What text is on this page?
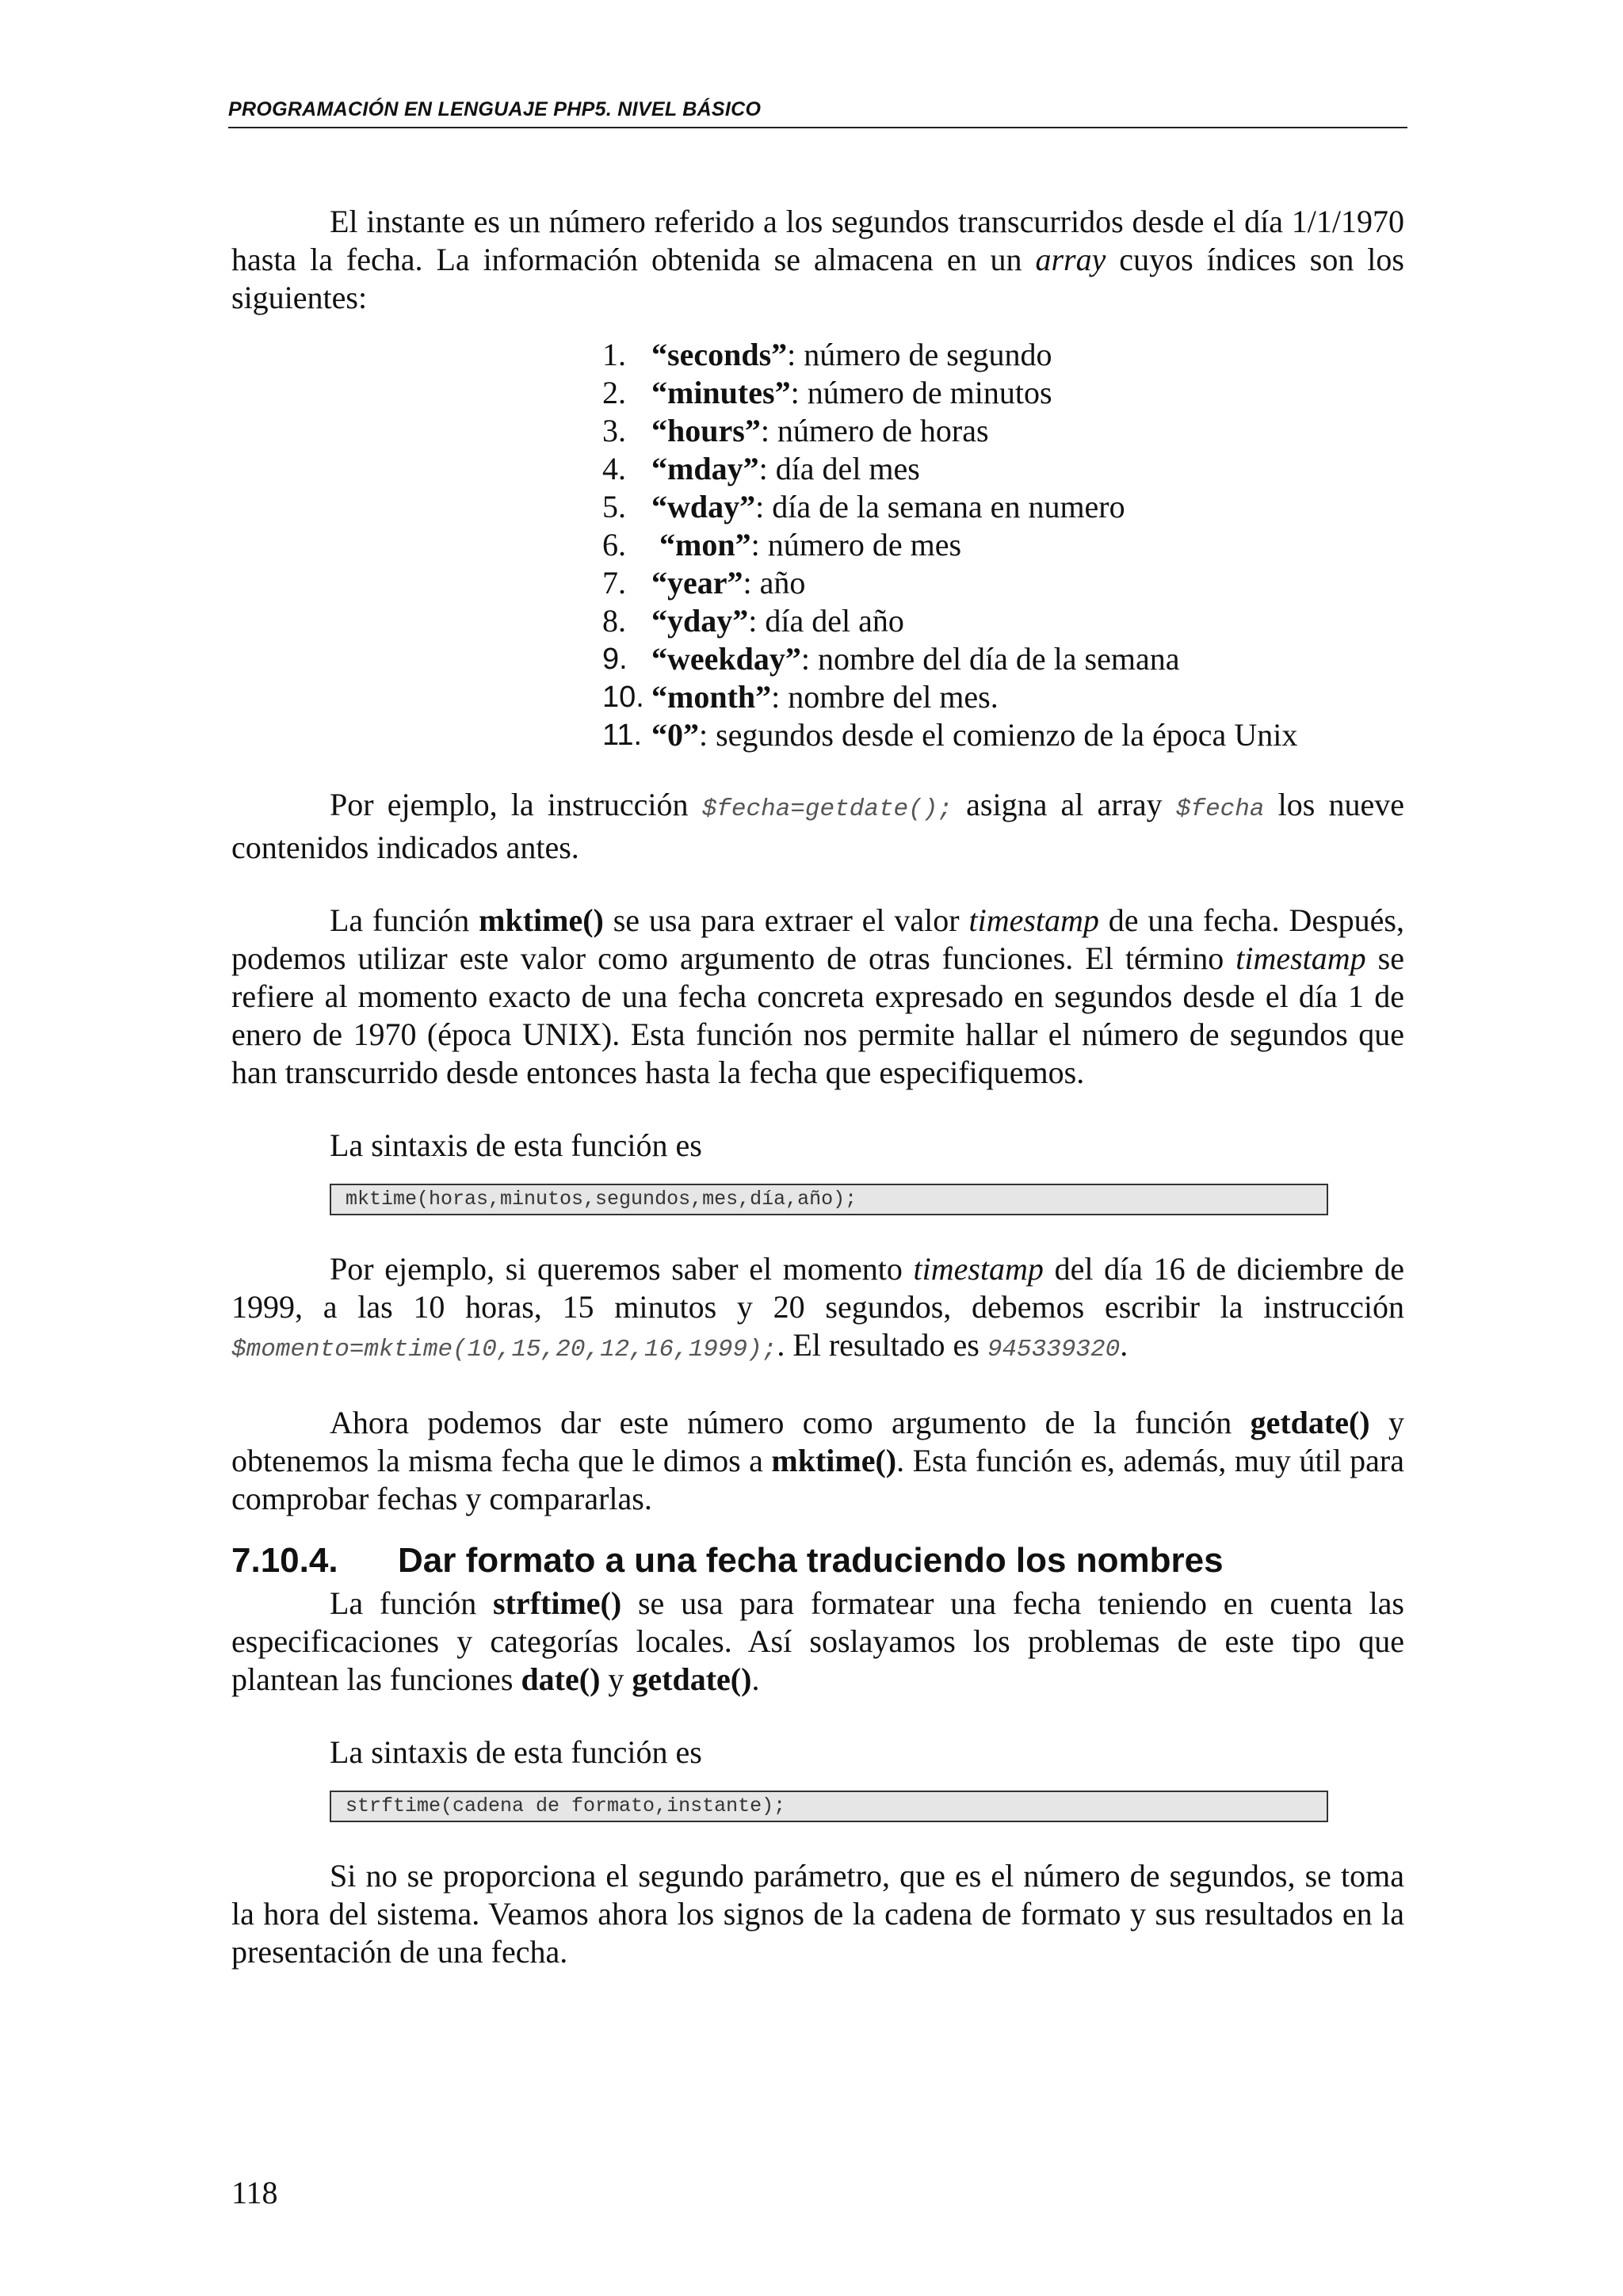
PROGRAMACIÓN EN LENGUAJE PHP5. NIVEL BÁSICO

El instante es un número referido a los segundos transcurridos desde el día 1/1/1970 hasta la fecha. La información obtenida se almacena en un array cuyos índices son los siguientes:

1. “seconds”: número de segundo
2. “minutes”: número de minutos
3. “hours”: número de horas
4. “mday”: día del mes
5. “wday”: día de la semana en numero
6. “mon”: número de mes
7. “year”: año
8. “yday”: día del año
9. “weekday”: nombre del día de la semana
10. “month”: nombre del mes.
11. “0”: segundos desde el comienzo de la época Unix

Por ejemplo, la instrucción $fecha=getdate(); asigna al array $fecha los nueve contenidos indicados antes.

La función mktime() se usa para extraer el valor timestamp de una fecha. Después, podemos utilizar este valor como argumento de otras funciones. El término timestamp se refiere al momento exacto de una fecha concreta expresado en segundos desde el día 1 de enero de 1970 (época UNIX). Esta función nos permite hallar el número de segundos que han transcurrido desde entonces hasta la fecha que especifiquemos.

La sintaxis de esta función es

mktime(horas,minutos,segundos,mes,día,año);

Por ejemplo, si queremos saber el momento timestamp del día 16 de diciembre de 1999, a las 10 horas, 15 minutos y 20 segundos, debemos escribir la instrucción $momento=mktime(10,15,20,12,16,1999);. El resultado es 945339320.

Ahora podemos dar este número como argumento de la función getdate() y obtenemos la misma fecha que le dimos a mktime(). Esta función es, además, muy útil para comprobar fechas y compararlas.

7.10.4.	Dar formato a una fecha traduciendo los nombres

La función strftime() se usa para formatear una fecha teniendo en cuenta las especificaciones y categorías locales. Así soslayamos los problemas de este tipo que plantean las funciones date() y getdate().

La sintaxis de esta función es

strftime(cadena de formato,instante);

Si no se proporciona el segundo parámetro, que es el número de segundos, se toma la hora del sistema. Veamos ahora los signos de la cadena de formato y sus resultados en la presentación de una fecha.

118
